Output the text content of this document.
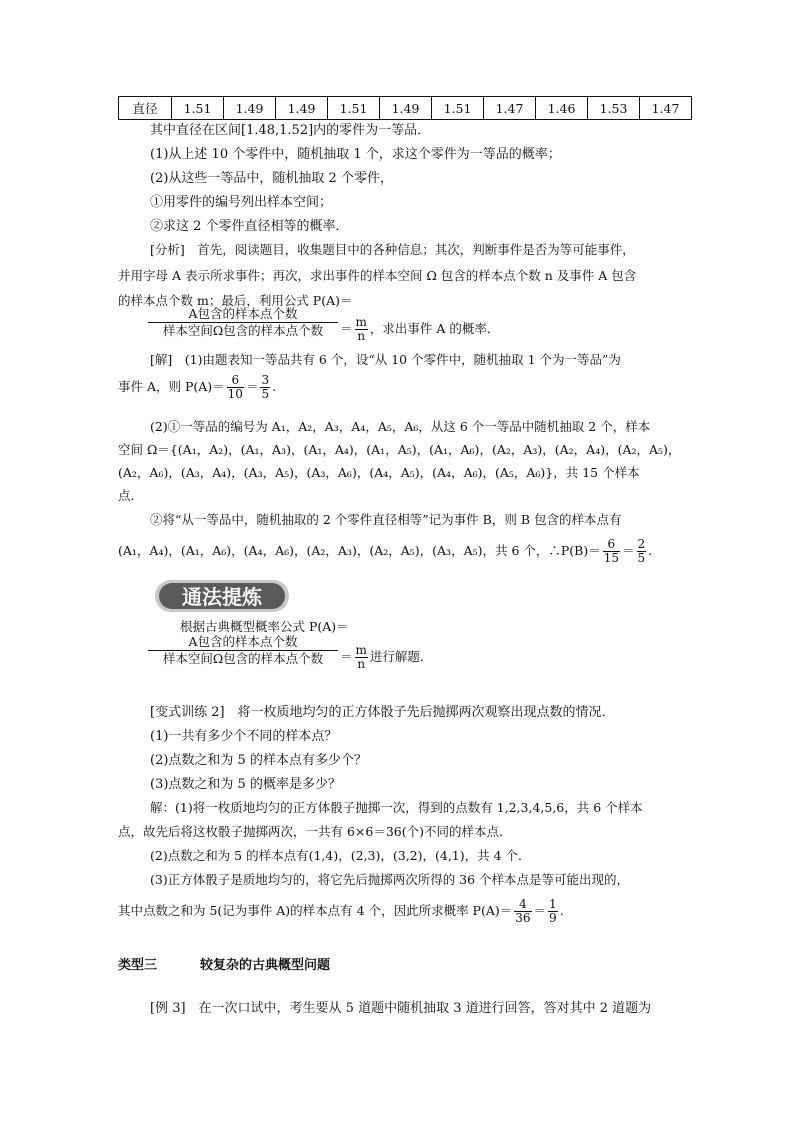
直径	1.51	1.49	1.49	1.51	1.49	1.51	1.47	1.46	1.53	1.47
其中直径在区间[1.48,1.52]内的零件为一等品．
(1)从上述 10 个零件中，随机抽取 1 个，求这个零件为一等品的概率；
(2)从这些一等品中，随机抽取 2 个零件，
①用零件的编号列出样本空间；
②求这 2 个零件直径相等的概率．
[分析]　首先，阅读题目，收集题目中的各种信息；其次，判断事件是否为等可能事件，
并用字母 A 表示所求事件；再次，求出事件的样本空间 Ω 包含的样本点个数 n 及事件 A 包含
的样本点个数 m；最后，利用公式 P(A)＝
A包含的样本点个数
样本空间Ω包含的样本点个数	＝ $\frac{m}{n}$ ，求出事件 A 的概率．
[解]　(1)由题表知一等品共有 6 个，设“从 10 个零件中，随机抽取 1 个为一等品”为
事件 A，则 $P(A)= \frac{6}{10} = \frac{3}{5}$ .
(2)①一等品的编号为 A₁，A₂，A₃，A₄，A₅，A₆，从这 6 个一等品中随机抽取 2 个，样本
空间 Ω＝{(A₁，A₂)，(A₁，A₃)，(A₁，A₄)，(A₁，A₅)，(A₁，A₆)，(A₂，A₃)，(A₂，A₄)，(A₂，A₅)，
(A₂，A₆)，(A₃，A₄)，(A₃，A₅)，(A₃，A₆)，(A₄，A₅)，(A₄，A₆)，(A₅，A₆)}，共 15 个样本
点．
②将“从一等品中，随机抽取的 2 个零件直径相等”记为事件 B，则 B 包含的样本点有
(A₁，A₄)，(A₁，A₆)，(A₄，A₆)，(A₂，A₃)，(A₂，A₅)，(A₃，A₅)，共 6 个，∴P(B)＝ $\frac{6}{15} = \frac{2}{5}$ .
通法提炼
根据古典概型概率公式 P(A)＝
A包含的样本点个数
样本空间Ω包含的样本点个数	＝ $\frac{m}{n}$ 进行解题．
[变式训练 2]　将一枚质地均匀的正方体骰子先后抛掷两次观察出现点数的情况．
(1)一共有多少个不同的样本点？
(2)点数之和为 5 的样本点有多少个？
(3)点数之和为 5 的概率是多少？
解：(1)将一枚质地均匀的正方体骰子抛掷一次，得到的点数有 1,2,3,4,5,6，共 6 个样本
点，故先后将这枚骰子抛掷两次，一共有 6×6＝36(个)不同的样本点．
(2)点数之和为 5 的样本点有(1,4)，(2,3)，(3,2)，(4,1)，共 4 个．
(3)正方体骰子是质地均匀的，将它先后抛掷两次所得的 36 个样本点是等可能出现的，
其中点数之和为 5(记为事件 A)的样本点有 4 个，因此所求概率 $P(A)= \frac{4}{36} = \frac{1}{9}$ .
类型三	较复杂的古典概型问题
[例 3]　在一次口试中，考生要从 5 道题中随机抽取 3 道进行回答，答对其中 2 道题为
